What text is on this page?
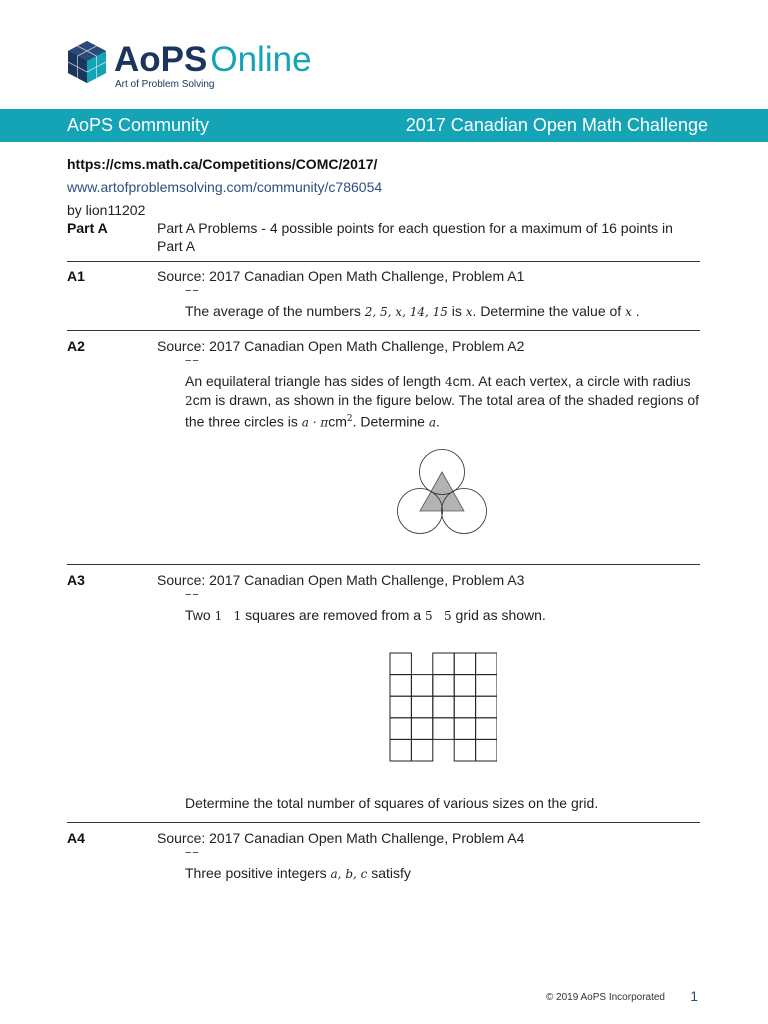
AoPSOnline
Art of Problem Solving
AoPS Community	2017 Canadian Open Math Challenge
https://cms.math.ca/Competitions/COMC/2017/
www.artofproblemsolving.com/community/c786054
by lion11202
Part A	Part A Problems - 4 possible points for each question for a maximum of 16 points in Part A
A1	Source: 2017 Canadian Open Math Challenge, Problem A1
−−
The average of the numbers 2, 5, x, 14, 15 is x. Determine the value of x .
A2	Source: 2017 Canadian Open Math Challenge, Problem A2
−−
An equilateral triangle has sides of length 4cm. At each vertex, a circle with radius
2cm is drawn, as shown in the figure below. The total area of the shaded regions of
the three circles is a · πcm$^2$. Determine a.
A3	Source: 2017 Canadian Open Math Challenge, Problem A3
−−
Two 1   1 squares are removed from a 5   5 grid as shown.
Determine the total number of squares of various sizes on the grid.
A4	Source: 2017 Canadian Open Math Challenge, Problem A4
−−
Three positive integers a, b, c satisfy
© 2019 AoPS Incorporated 1
